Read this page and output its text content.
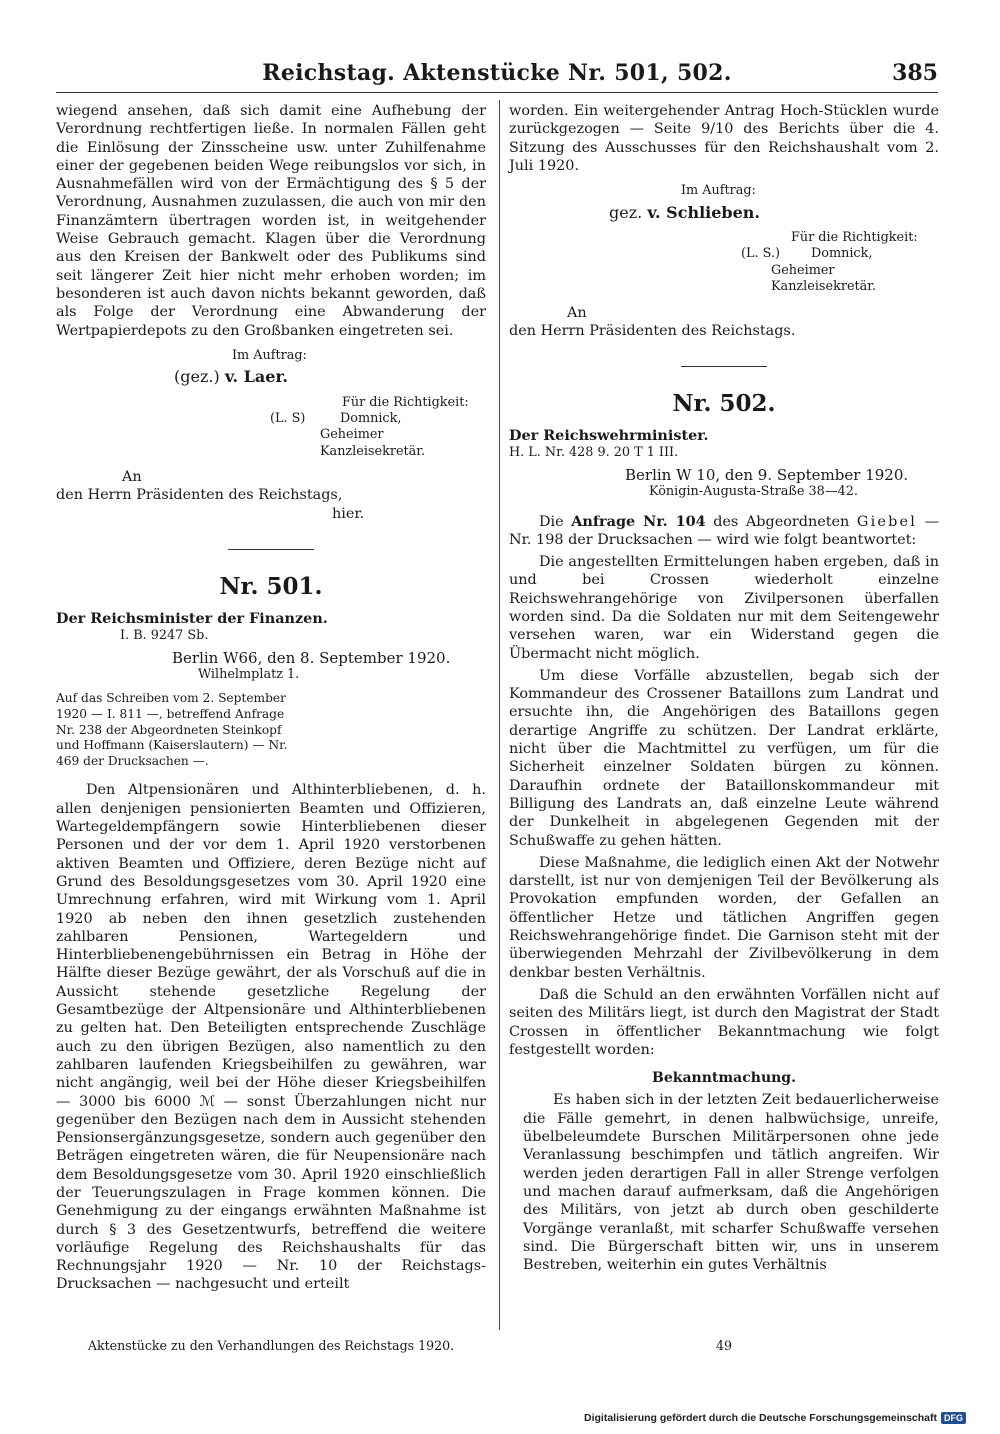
Reichstag. Aktenstücke Nr. 501, 502.	385

wiegend ansehen, daß sich damit eine Aufhebung der Verordnung rechtfertigen ließe. In normalen Fällen geht die Einlösung der Zinsscheine usw. unter Zuhilfenahme einer der gegebenen beiden Wege reibungslos vor sich, in Ausnahmefällen wird von der Ermächtigung des § 5 der Verordnung, Ausnahmen zuzulassen, die auch von mir den Finanzämtern übertragen worden ist, in weitgehender Weise Gebrauch gemacht. Klagen über die Verordnung aus den Kreisen der Bankwelt oder des Publikums sind seit längerer Zeit hier nicht mehr erhoben worden; im besonderen ist auch davon nichts bekannt geworden, daß als Folge der Verordnung eine Abwanderung der Wertpapierdepots zu den Großbanken eingetreten sei.

Im Auftrag:

(gez.) v. Laer.

Für die Richtigkeit:

(L. S)	Domnick,

Geheimer Kanzleisekretär.

An

den Herrn Präsidenten des Reichstags,

hier.

Nr. 501.

Der Reichsminister der Finanzen.

I. B. 9247 Sb.

Berlin W66, den 8. September 1920.

Wilhelmplatz 1.

Auf das Schreiben vom 2. September 1920 — I. 811 —, betreffend Anfrage Nr. 238 der Abgeordneten Steinkopf und Hoffmann (Kaiserslautern) — Nr. 469 der Drucksachen —.

Den Altpensionären und Althinterbliebenen, d. h. allen denjenigen pensionierten Beamten und Offizieren, Wartegeldempfängern sowie Hinterbliebenen dieser Personen und der vor dem 1. April 1920 verstorbenen aktiven Beamten und Offiziere, deren Bezüge nicht auf Grund des Besoldungsgesetzes vom 30. April 1920 eine Umrechnung erfahren, wird mit Wirkung vom 1. April 1920 ab neben den ihnen gesetzlich zustehenden zahlbaren Pensionen, Wartegeldern und Hinterbliebenengebührnissen ein Betrag in Höhe der Hälfte dieser Bezüge gewährt, der als Vorschuß auf die in Aussicht stehende gesetzliche Regelung der Gesamtbezüge der Altpensionäre und Althinterbliebenen zu gelten hat. Den Beteiligten entsprechende Zuschläge auch zu den übrigen Bezügen, also namentlich zu den zahlbaren laufenden Kriegsbeihilfen zu gewähren, war nicht angängig, weil bei der Höhe dieser Kriegsbeihilfen — 3000 bis 6000 ℳ — sonst Überzahlungen nicht nur gegenüber den Bezügen nach dem in Aussicht stehenden Pensionsergänzungsgesetze, sondern auch gegenüber den Beträgen eingetreten wären, die für Neupensionäre nach dem Besoldungsgesetze vom 30. April 1920 einschließlich der Teuerungszulagen in Frage kommen können. Die Genehmigung zu der eingangs erwähnten Maßnahme ist durch § 3 des Gesetzentwurfs, betreffend die weitere vorläufige Regelung des Reichshaushalts für das Rechnungsjahr 1920 — Nr. 10 der Reichstags-Drucksachen — nachgesucht und erteilt

worden. Ein weitergehender Antrag Hoch-Stücklen wurde zurückgezogen — Seite 9/10 des Berichts über die 4. Sitzung des Ausschusses für den Reichshaushalt vom 2. Juli 1920.

Im Auftrag:

gez. v. Schlieben.

Für die Richtigkeit:

(L. S.)	Domnick,

Geheimer Kanzleisekretär.

An

den Herrn Präsidenten des Reichstags.

Nr. 502.

Der Reichswehrminister.

H. L. Nr. 428 9. 20 T 1 III.

Berlin W 10, den 9. September 1920.

Königin-Augusta-Straße 38—42.

Die Anfrage Nr. 104 des Abgeordneten Giebel — Nr. 198 der Drucksachen — wird wie folgt beantwortet:

Die angestellten Ermittelungen haben ergeben, daß in und bei Crossen wiederholt einzelne Reichswehrangehörige von Zivilpersonen überfallen worden sind. Da die Soldaten nur mit dem Seitengewehr versehen waren, war ein Widerstand gegen die Übermacht nicht möglich.

Um diese Vorfälle abzustellen, begab sich der Kommandeur des Crossener Bataillons zum Landrat und ersuchte ihn, die Angehörigen des Bataillons gegen derartige Angriffe zu schützen. Der Landrat erklärte, nicht über die Machtmittel zu verfügen, um für die Sicherheit einzelner Soldaten bürgen zu können. Daraufhin ordnete der Bataillonskommandeur mit Billigung des Landrats an, daß einzelne Leute während der Dunkelheit in abgelegenen Gegenden mit der Schußwaffe zu gehen hätten.

Diese Maßnahme, die lediglich einen Akt der Notwehr darstellt, ist nur von demjenigen Teil der Bevölkerung als Provokation empfunden worden, der Gefallen an öffentlicher Hetze und tätlichen Angriffen gegen Reichswehrangehörige findet. Die Garnison steht mit der überwiegenden Mehrzahl der Zivilbevölkerung in dem denkbar besten Verhältnis.

Daß die Schuld an den erwähnten Vorfällen nicht auf seiten des Militärs liegt, ist durch den Magistrat der Stadt Crossen in öffentlicher Bekanntmachung wie folgt festgestellt worden:

Bekanntmachung.

Es haben sich in der letzten Zeit bedauerlicherweise die Fälle gemehrt, in denen halbwüchsige, unreife, übelbeleumdete Burschen Militärpersonen ohne jede Veranlassung beschimpfen und tätlich angreifen. Wir werden jeden derartigen Fall in aller Strenge verfolgen und machen darauf aufmerksam, daß die Angehörigen des Militärs, von jetzt ab durch oben geschilderte Vorgänge veranlaßt, mit scharfer Schußwaffe versehen sind. Die Bürgerschaft bitten wir, uns in unserem Bestreben, weiterhin ein gutes Verhältnis

Aktenstücke zu den Verhandlungen des Reichstags 1920.	49
Digitalisierung gefördert durch die Deutsche Forschungsgemeinschaft DFG
